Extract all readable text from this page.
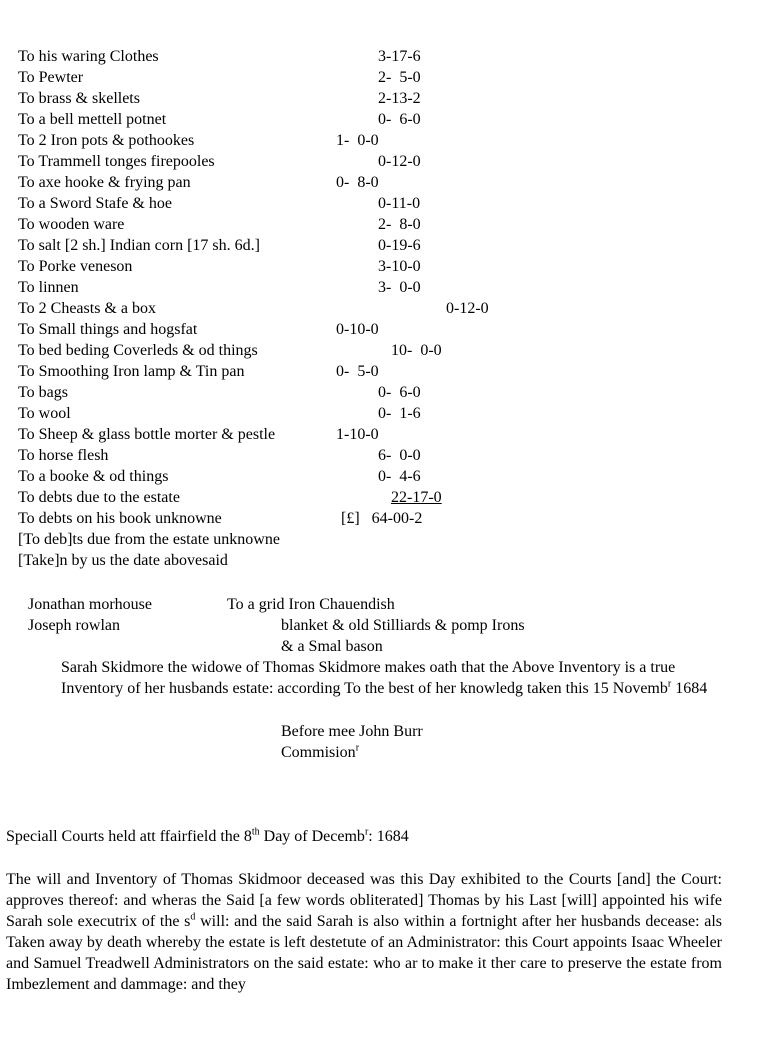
To his waring Clothes	3-17-6
To Pewter	2-  5-0
To brass & skellets	2-13-2
To a bell mettell potnet	0-  6-0
To 2 Iron pots & pothookes	1-  0-0
To Trammell tonges firepooles	0-12-0
To axe hooke & frying pan	0-  8-0
To a Sword Stafe & hoe	0-11-0
To wooden ware	2-  8-0
To salt [2 sh.] Indian corn [17 sh. 6d.]	0-19-6
To Porke veneson	3-10-0
To linnen	3-  0-0
To 2 Cheasts & a box	0-12-0
To Small things and hogsfat	0-10-0
To bed beding Coverleds & od things	10-  0-0
To Smoothing Iron lamp & Tin pan	0-  5-0
To bags	0-  6-0
To wool	0-  1-6
To Sheep & glass bottle morter & pestle	1-10-0
To horse flesh	6-  0-0
To a booke & od things	0-  4-6
To debts due to the estate	22-17-0
To debts on his book unknowne	[£]   64-00-2
[To deb]ts due from the estate unknowne
[Take]n by us the date abovesaid
Jonathan morhouse
Joseph rowlan
To a grid Iron Chauendish
blanket & old Stilliards & pomp Irons
& a Smal bason
Sarah Skidmore the widowe of Thomas Skidmore makes oath that the Above Inventory is a true Inventory of her husbands estate: according To the best of her knowledg taken this 15 Novemb$^r$ 1684
Before mee John Burr
Commision$^r$
Speciall Courts held att ffairfield the 8th Day of Decemb$^r$: 1684
The will and Inventory of Thomas Skidmoor deceased was this Day exhibited to the Courts [and] the Court: approves thereof: and wheras the Said [a few words obliterated] Thomas by his Last [will] appointed his wife Sarah sole executrix of the $s^d$ will: and the said Sarah is also within a fortnight after her husbands decease: als Taken away by death whereby the estate is left destetute of an Administrator: this Court appoints Isaac Wheeler and Samuel Treadwell Administrators on the said estate: who ar to make it ther care to preserve the estate from Imbezlement and dammage: and they
